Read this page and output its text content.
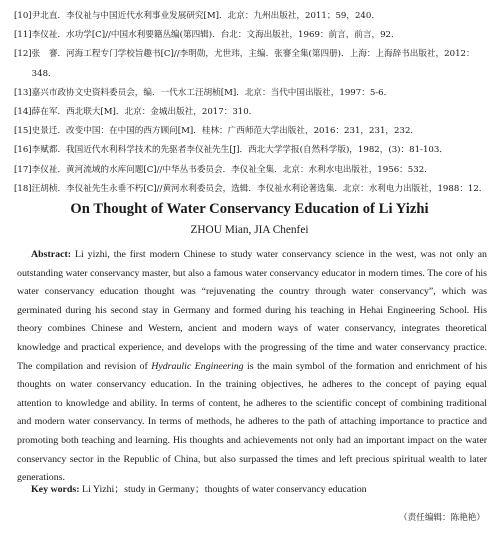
[10] 尹北直．李仪祉与中国近代水利事业发展研究[M]．北京：九州出版社，2011；59，240．
[11] 李仪祉．水功学[C]//中国水利要籍丛编(第四辑)．台北：文海出版社，1969：前言，前言，92．
[12] 张　謇．河海工程专门学校旨趣书[C]//李明勋，尤世玮，主编．张謇全集(第四册)．上海：上海辞书出版社，2012：348．
[13] 嘉兴市政协文史资料委员会，编．一代水工汪胡桢[M]．北京：当代中国出版社，1997：5-6．
[14] 薛在军．西北联大[M]．北京：金城出版社，2017：310．
[15] 史景迁．改变中国：在中国的西方顾问[M]．桂林：广西师范大学出版社，2016：231，231，232．
[16] 李赋都．我国近代水利科学技术的先驱者李仪祉先生[J]．西北大学学报(自然科学版)，1982，(3)：81-103．
[17] 李仪祉．黄河流域的水库问题[C]//中华丛书委员会．李仪祉全集．北京：水利水电出版社，1956：532．
[18] 汪胡桢．李仪祉先生永垂不朽[C]//黄河水利委员会，选辑．李仪祉水利论著选集．北京：水利电力出版社，1988：12．
On Thought of Water Conservancy Education of Li Yizhi
ZHOU Mian, JIA Chenfei
Abstract: Li yizhi, the first modern Chinese to study water conservancy science in the west, was not only an outstanding water conservancy master, but also a famous water conservancy educator in modern times. The core of his water conservancy education thought was “rejuvenating the country through water conservancy”, which was germinated during his second stay in Germany and formed during his teaching in Hehai Engineering School. His theory combines Chinese and Western, ancient and modern ways of water conservancy, integrates theoretical knowledge and practical experience, and develops with the progressing of the time and water conservancy practice. The compilation and revision of Hydraulic Engineering is the main symbol of the formation and enrichment of his thoughts on water conservancy education. In the training objectives, he adheres to the concept of paying equal attention to knowledge and ability. In terms of content, he adheres to the scientific concept of combining traditional and modern water conservancy. In terms of methods, he adheres to the path of attaching importance to practice and promoting both teaching and learning. His thoughts and achievements not only had an important impact on the water conservancy sector in the Republic of China, but also surpassed the times and left precious spiritual wealth to later generations.
Key words: Li Yizhi；study in Germany；thoughts of water conservancy education
（责任编辑：陈艳艳）
